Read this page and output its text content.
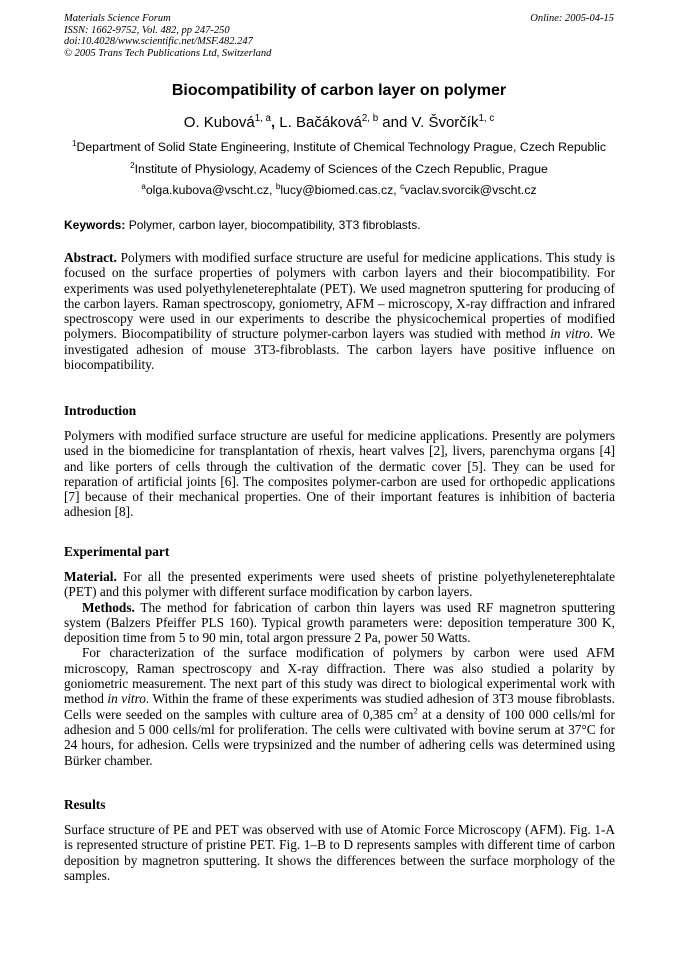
Materials Science Forum
ISSN: 1662-9752, Vol. 482, pp 247-250
doi:10.4028/www.scientific.net/MSF.482.247
© 2005 Trans Tech Publications Ltd, Switzerland
Online: 2005-04-15
Biocompatibility of carbon layer on polymer
O. Kubová$^{1, a}$, L. Bačáková$^{2, b}$ and V. Švorčík$^{1, c}$
$^1$Department of Solid State Engineering, Institute of Chemical Technology Prague, Czech Republic
$^2$Institute of Physiology, Academy of Sciences of the Czech Republic, Prague
$^a$olga.kubova@vscht.cz, $^b$lucy@biomed.cas.cz, $^c$vaclav.svorcik@vscht.cz
Keywords: Polymer, carbon layer, biocompatibility, 3T3 fibroblasts.

Abstract. Polymers with modified surface structure are useful for medicine applications. This study is focused on the surface properties of polymers with carbon layers and their biocompatibility. For experiments was used polyethyleneterephtalate (PET). We used magnetron sputtering for producing of the carbon layers. Raman spectroscopy, goniometry, AFM – microscopy, X-ray diffraction and infrared spectroscopy were used in our experiments to describe the physicochemical properties of modified polymers. Biocompatibility of structure polymer-carbon layers was studied with method in vitro. We investigated adhesion of mouse 3T3-fibroblasts. The carbon layers have positive influence on biocompatibility.

Introduction

Polymers with modified surface structure are useful for medicine applications. Presently are polymers used in the biomedicine for transplantation of rhexis, heart valves [2], livers, parenchyma organs [4] and like porters of cells through the cultivation of the dermatic cover [5]. They can be used for reparation of artificial joints [6]. The composites polymer-carbon are used for orthopedic applications [7] because of their mechanical properties. One of their important features is inhibition of bacteria adhesion [8].

Experimental part

Material. For all the presented experiments were used sheets of pristine polyethyleneterephtalate (PET) and this polymer with different surface modification by carbon layers.

Methods. The method for fabrication of carbon thin layers was used RF magnetron sputtering system (Balzers Pfeiffer PLS 160). Typical growth parameters were: deposition temperature 300 K, deposition time from 5 to 90 min, total argon pressure 2 Pa, power 50 Watts.

For characterization of the surface modification of polymers by carbon were used AFM microscopy, Raman spectroscopy and X-ray diffraction. There was also studied a polarity by goniometric measurement. The next part of this study was direct to biological experimental work with method in vitro. Within the frame of these experiments was studied adhesion of 3T3 mouse fibroblasts. Cells were seeded on the samples with culture area of 0,385 $cm^2$ at a density of 100 000 cells/ml for adhesion and 5 000 cells/ml for proliferation. The cells were cultivated with bovine serum at 37°C for 24 hours, for adhesion. Cells were trypsinized and the number of adhering cells was determined using Bürker chamber.

Results

Surface structure of PE and PET was observed with use of Atomic Force Microscopy (AFM). Fig. 1-A is represented structure of pristine PET. Fig. 1–B to D represents samples with different time of carbon deposition by magnetron sputtering. It shows the differences between the surface morphology of the samples.
